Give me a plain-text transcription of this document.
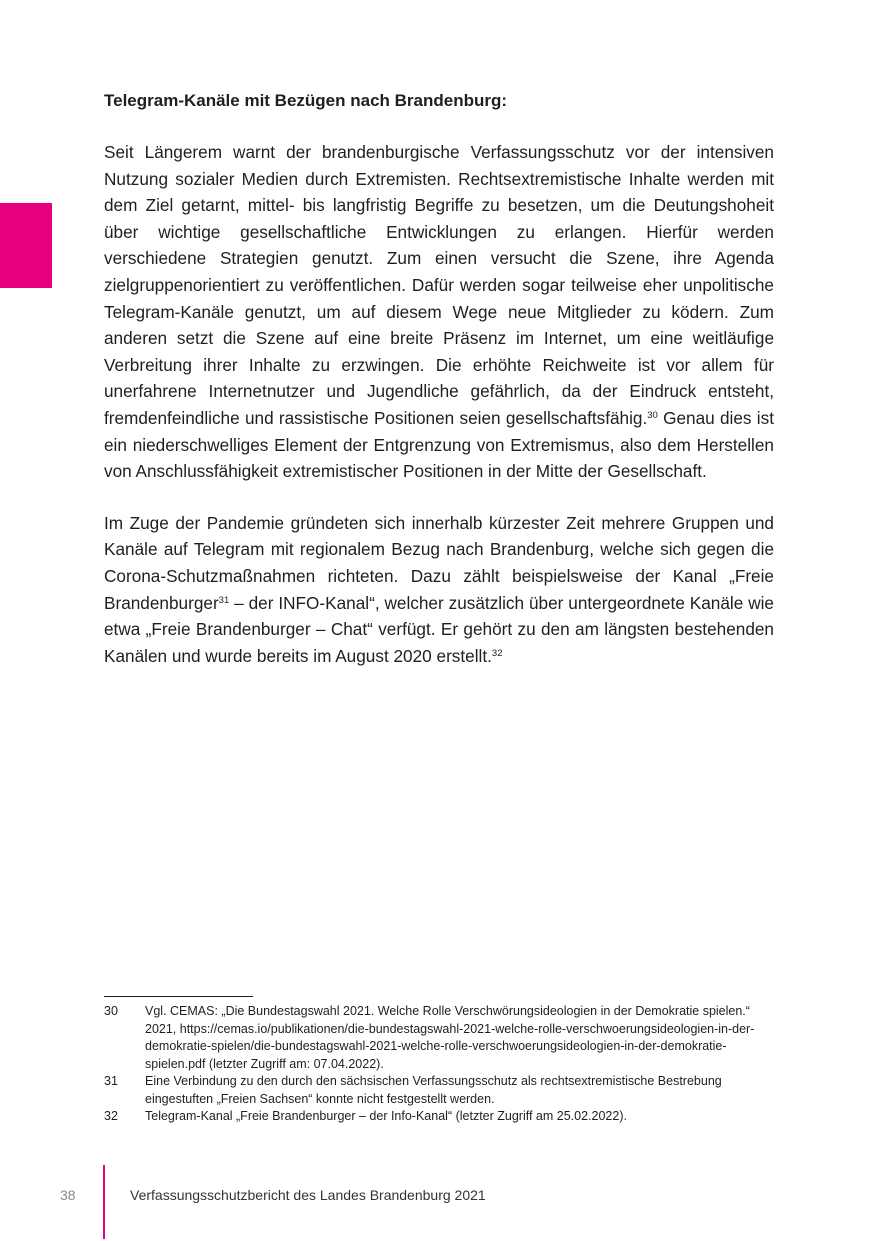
Telegram-Kanäle mit Bezügen nach Brandenburg:

Seit Längerem warnt der brandenburgische Verfassungsschutz vor der intensiven Nutzung sozialer Medien durch Extremisten. Rechtsextremistische Inhalte werden mit dem Ziel getarnt, mittel- bis langfristig Begriffe zu besetzen, um die Deutungshoheit über wichtige gesellschaftliche Entwicklungen zu erlangen. Hierfür werden verschiedene Strategien genutzt. Zum einen versucht die Szene, ihre Agenda zielgruppenorientiert zu veröffentlichen. Dafür werden sogar teilweise eher unpolitische Telegram-Kanäle genutzt, um auf diesem Wege neue Mitglieder zu ködern. Zum anderen setzt die Szene auf eine breite Präsenz im Internet, um eine weitläufige Verbreitung ihrer Inhalte zu erzwingen. Die erhöhte Reichweite ist vor allem für unerfahrene Internetnutzer und Jugendliche gefährlich, da der Eindruck entsteht, fremdenfeindliche und rassistische Positionen seien gesellschaftsfähig.$^{30}$ Genau dies ist ein niederschwelliges Element der Entgrenzung von Extremismus, also dem Herstellen von Anschlussfähigkeit extremistischer Positionen in der Mitte der Gesellschaft.

Im Zuge der Pandemie gründeten sich innerhalb kürzester Zeit mehrere Gruppen und Kanäle auf Telegram mit regionalem Bezug nach Brandenburg, welche sich gegen die Corona-Schutzmaßnahmen richteten. Dazu zählt beispielsweise der Kanal „Freie Brandenburger$^{31}$ – der INFO-Kanal“, welcher zusätzlich über untergeordnete Kanäle wie etwa „Freie Brandenburger – Chat“ verfügt. Er gehört zu den am längsten bestehenden Kanälen und wurde bereits im August 2020 erstellt.$^{32}$

30	Vgl. CEMAS: „Die Bundestagswahl 2021. Welche Rolle Verschwörungsideologien in der Demokratie spielen.“ 2021, https://cemas.io/publikationen/die-bundestagswahl-2021-welche-rolle-verschwoerungsideologien-in-der-demokratie-spielen/die-bundestagswahl-2021-welche-rolle-verschwoerungsideologien-in-der-demokratie-spielen.pdf (letzter Zugriff am: 07.04.2022).
31	Eine Verbindung zu den durch den sächsischen Verfassungsschutz als rechtsextremistische Bestrebung eingestuften „Freien Sachsen“ konnte nicht festgestellt werden.
32	Telegram-Kanal „Freie Brandenburger – der Info-Kanal“ (letzter Zugriff am 25.02.2022).
38	Verfassungsschutzbericht des Landes Brandenburg 2021
